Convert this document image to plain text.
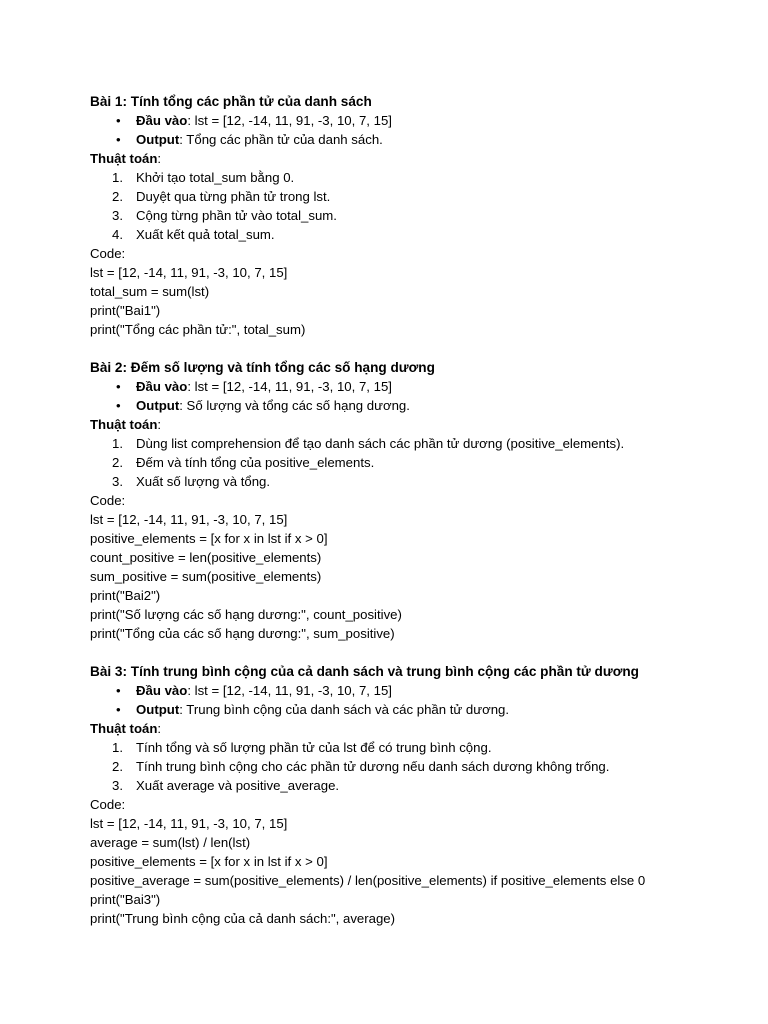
Bài 1: Tính tổng các phần tử của danh sách
• Đầu vào: lst = [12, -14, 11, 91, -3, 10, 7, 15]
• Output: Tổng các phần tử của danh sách.
Thuật toán:
1. Khởi tạo total_sum bằng 0.
2. Duyệt qua từng phần tử trong lst.
3. Cộng từng phần tử vào total_sum.
4. Xuất kết quả total_sum.
Code:
lst = [12, -14, 11, 91, -3, 10, 7, 15]
total_sum = sum(lst)
print("Bai1")
print("Tổng các phần tử:", total_sum)
Bài 2: Đếm số lượng và tính tổng các số hạng dương
• Đầu vào: lst = [12, -14, 11, 91, -3, 10, 7, 15]
• Output: Số lượng và tổng các số hạng dương.
Thuật toán:
1. Dùng list comprehension để tạo danh sách các phần tử dương (positive_elements).
2. Đếm và tính tổng của positive_elements.
3. Xuất số lượng và tổng.
Code:
lst = [12, -14, 11, 91, -3, 10, 7, 15]
positive_elements = [x for x in lst if x > 0]
count_positive = len(positive_elements)
sum_positive = sum(positive_elements)
print("Bai2")
print("Số lượng các số hạng dương:", count_positive)
print("Tổng của các số hạng dương:", sum_positive)
Bài 3: Tính trung bình cộng của cả danh sách và trung bình cộng các phần tử dương
• Đầu vào: lst = [12, -14, 11, 91, -3, 10, 7, 15]
• Output: Trung bình cộng của danh sách và các phần tử dương.
Thuật toán:
1. Tính tổng và số lượng phần tử của lst để có trung bình cộng.
2. Tính trung bình cộng cho các phần tử dương nếu danh sách dương không trống.
3. Xuất average và positive_average.
Code:
lst = [12, -14, 11, 91, -3, 10, 7, 15]
average = sum(lst) / len(lst)
positive_elements = [x for x in lst if x > 0]
positive_average = sum(positive_elements) / len(positive_elements) if positive_elements else 0
print("Bai3")
print("Trung bình cộng của cả danh sách:", average)
